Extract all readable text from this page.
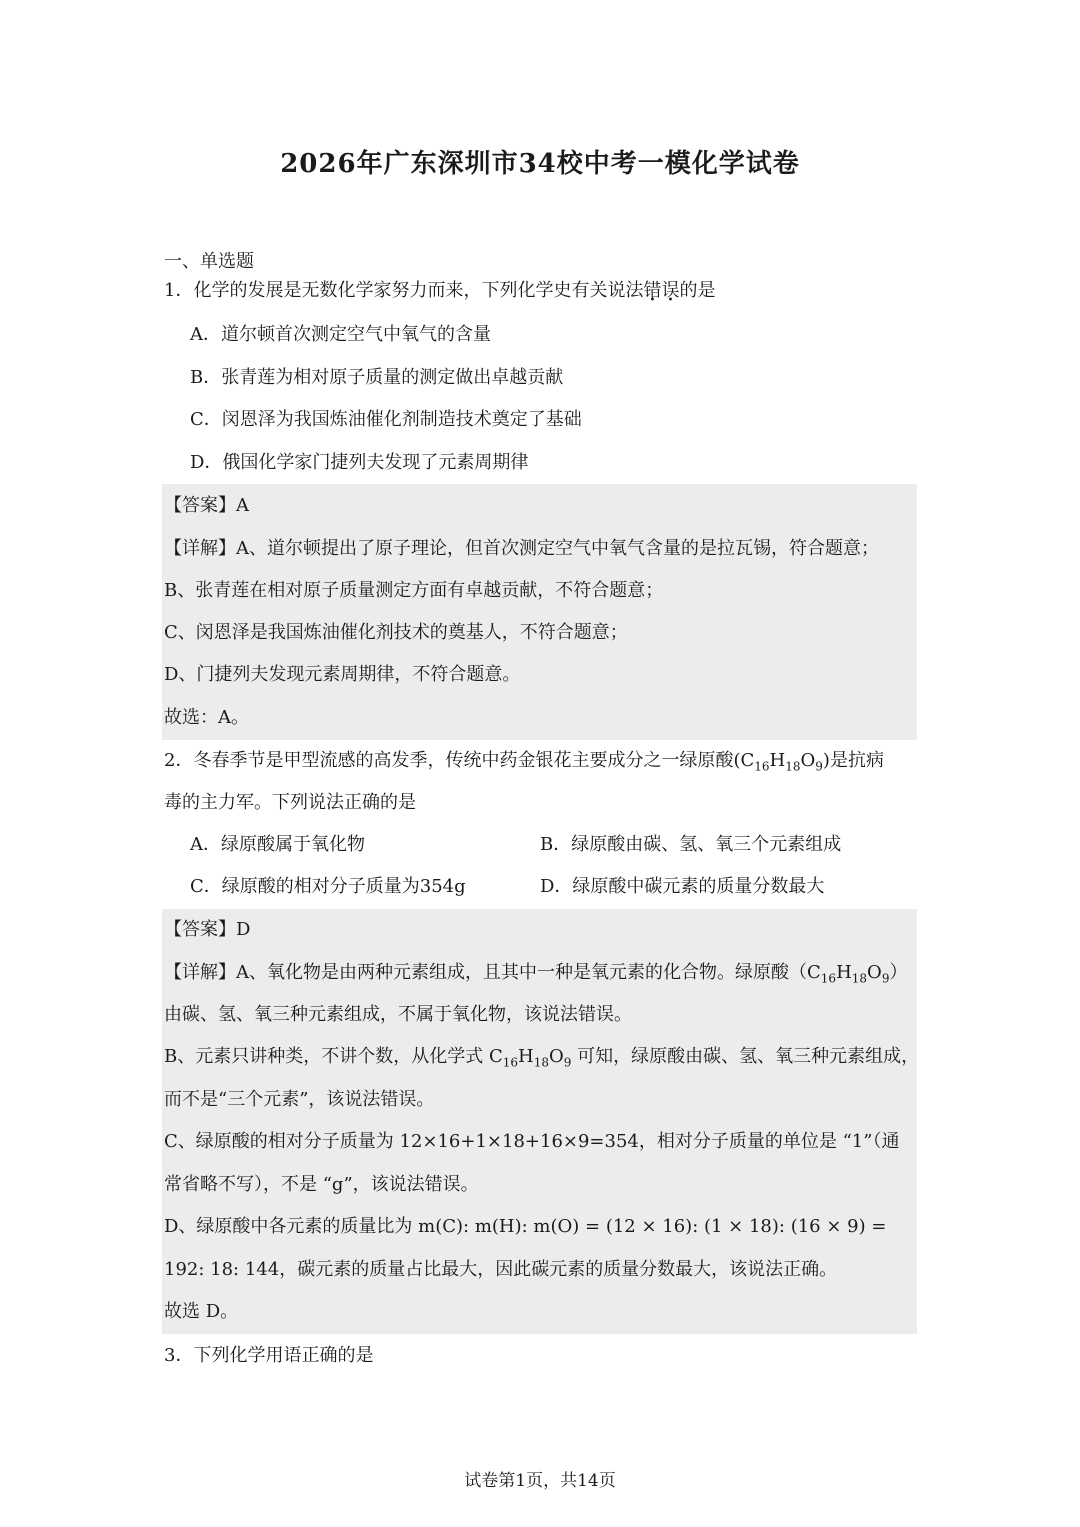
2026年广东深圳市34校中考一模化学试卷
一、单选题
1．化学的发展是无数化学家努力而来，下列化学史有关说法错误的是
A．道尔顿首次测定空气中氧气的含量
B．张青莲为相对原子质量的测定做出卓越贡献
C．闵恩泽为我国炼油催化剂制造技术奠定了基础
D．俄国化学家门捷列夫发现了元素周期律
【答案】A
【详解】A、道尔顿提出了原子理论，但首次测定空气中氧气含量的是拉瓦锡，符合题意；
B、张青莲在相对原子质量测定方面有卓越贡献，不符合题意；
C、闵恩泽是我国炼油催化剂技术的奠基人，不符合题意；
D、门捷列夫发现元素周期律，不符合题意。
故选：A。
2．冬春季节是甲型流感的高发季，传统中药金银花主要成分之一绿原酸$(C_{16}H_{18}O_9)$是抗病
毒的主力军。下列说法正确的是
A．绿原酸属于氧化物	B．绿原酸由碳、氢、氧三个元素组成
C．绿原酸的相对分子质量为354g	D．绿原酸中碳元素的质量分数最大
【答案】D
【详解】A、氧化物是由两种元素组成，且其中一种是氧元素的化合物。绿原酸$(C_{16}H_{18}O_9)$
由碳、氢、氧三种元素组成，不属于氧化物，该说法错误。
B、元素只讲种类，不讲个数，从化学式 $C_{16}H_{18}O_9$ 可知，绿原酸由碳、氢、氧三种元素组成，
而不是“三个元素”，该说法错误。
C、绿原酸的相对分子质量为 12×16+1×18+16×9=354，相对分子质量的单位是 “1”（通
常省略不写），不是 “g”，该说法错误。
D、绿原酸中各元素的质量比为 m(C): m(H): m(O) = (12 × 16): (1 × 18): (16 × 9) =
192: 18: 144，碳元素的质量占比最大，因此碳元素的质量分数最大，该说法正确。
故选 D。
3．下列化学用语正确的是
试卷第1页，共14页
